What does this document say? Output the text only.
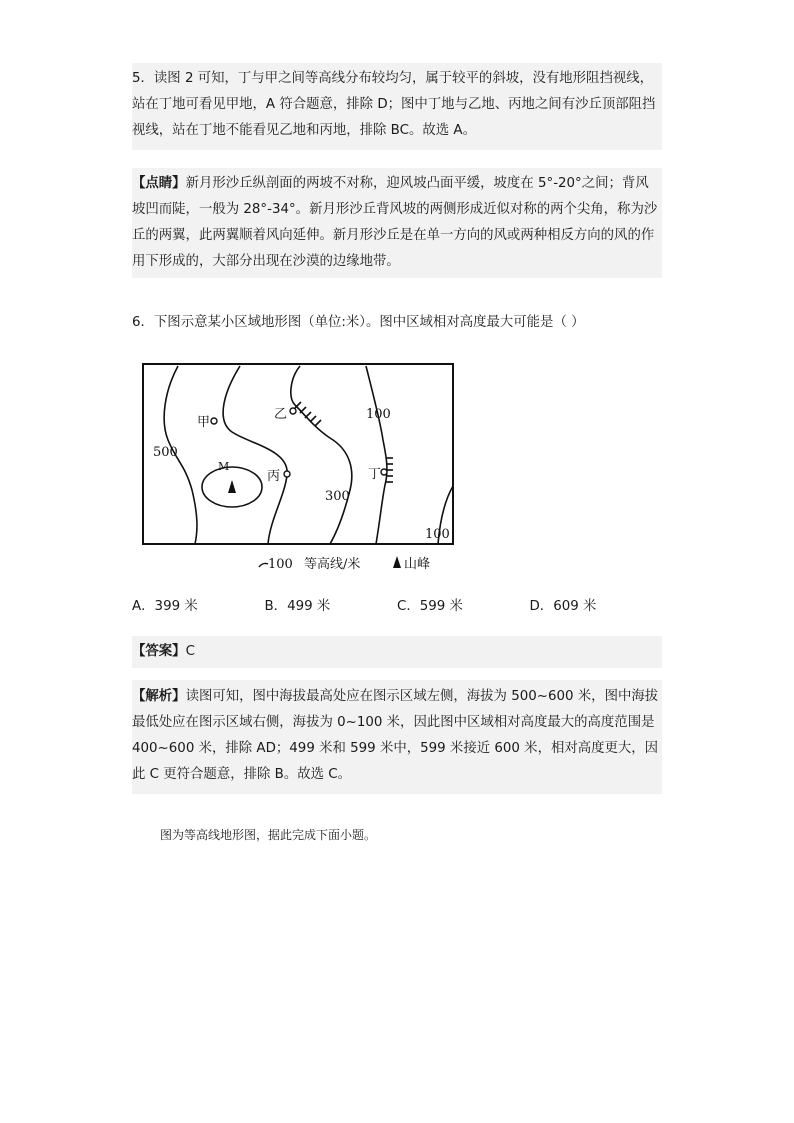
5．读图 2 可知，丁与甲之间等高线分布较均匀，属于较平的斜坡，没有地形阻挡视线，站在丁地可看见甲地，A 符合题意，排除 D；图中丁地与乙地、丙地之间有沙丘顶部阻挡视线，站在丁地不能看见乙地和丙地，排除 BC。故选 A。

【点睛】新月形沙丘纵剖面的两坡不对称，迎风坡凸面平缓，坡度在 5°-20°之间；背风坡凹而陡，一般为 28°-34°。新月形沙丘背风坡的两侧形成近似对称的两个尖角，称为沙丘的两翼，此两翼顺着风向延伸。新月形沙丘是在单一方向的风或两种相反方向的风的作用下形成的，大部分出现在沙漠的边缘地带。

6．下图示意某小区域地形图（单位:米）。图中区域相对高度最大可能是（ ）

甲
乙
丙	丁
M
500
300
100
100
100 等高线/米	山峰
A．399 米	B．499 米	C．599 米	D．609 米

【答案】C

【解析】读图可知，图中海拔最高处应在图示区域左侧，海拔为 500~600 米，图中海拔最低处应在图示区域右侧，海拔为 0~100 米，因此图中区域相对高度最大的高度范围是 400~600 米，排除 AD；499 米和 599 米中，599 米接近 600 米，相对高度更大，因此 C 更符合题意，排除 B。故选 C。

图为等高线地形图，据此完成下面小题。
